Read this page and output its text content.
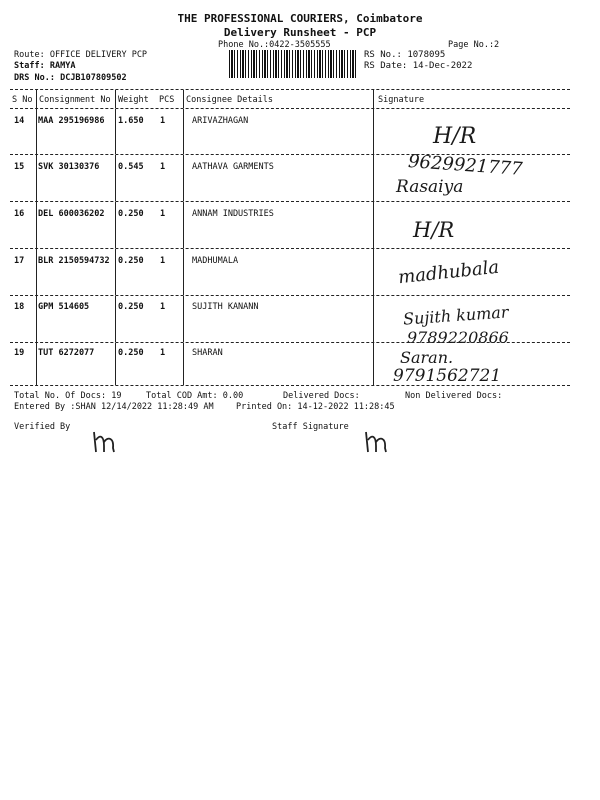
THE PROFESSIONAL COURIERS, Coimbatore
Delivery Runsheet - PCP
Phone No.:0422-3505555	Page No.:2
Route: OFFICE DELIVERY PCP
Staff: RAMYA
DRS No.: DCJB107809502
RS No.: 1078095
RS Date: 14-Dec-2022
S No Consignment No Weight PCS Consignee Details	Signature
14 MAA 295196986 1.650 1	ARIVAZHAGAN
H/R
15 SVK 30130376 0.545 1	AATHAVA GARMENTS	9629921777
Rasaiya
16 DEL 600036202 0.250 1	ANNAM INDUSTRIES
H/R
17 BLR 2150594732 0.250 1	MADHUMALA	madhubala
18 GPM 514605	0.250 1	SUJITH KANANN	Sujith kumar
9789220866
19 TUT 6272077	0.250 1	SHARAN	Saran.
9791562721
Total No. Of Docs: 19	Total COD Amt: 0.00	Delivered Docs:	Non Delivered Docs:
Entered By :SHAN 12/14/2022 11:28:49 AM	Printed On: 14-12-2022 11:28:45
Verified By	Staff Signature
